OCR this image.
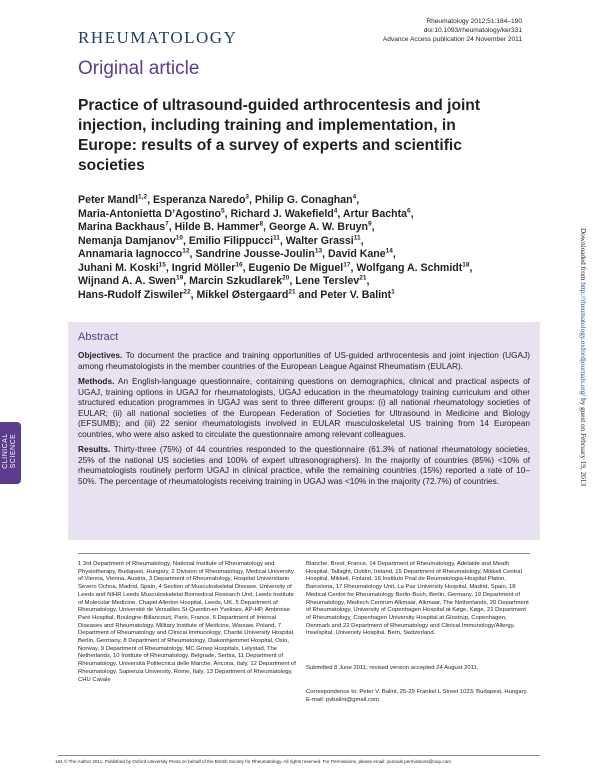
RHEUMATOLOGY
Rheumatology 2012;51:184–190
doi:10.1093/rheumatology/ker331
Advance Access publication 24 November 2011
Original article
Practice of ultrasound-guided arthrocentesis and joint injection, including training and implementation, in Europe: results of a survey of experts and scientific societies
Peter Mandl$^{1,2}$, Esperanza Naredo$^3$, Philip G. Conaghan$^4$,
Maria-Antonietta D’Agostino$^5$, Richard J. Wakefield$^4$, Artur Bachta$^6$,
Marina Backhaus$^7$, Hilde B. Hammer$^8$, George A. W. Bruyn$^9$,
Nemanja Damjanov$^{10}$, Emilio Filippucci$^{11}$, Walter Grassi$^{11}$,
Annamaria Iagnocco$^{12}$, Sandrine Jousse-Joulin$^{13}$, David Kane$^{14}$,
Juhani M. Koski$^{15}$, Ingrid Möller$^{16}$, Eugenio De Miguel$^{17}$, Wolfgang A. Schmidt$^{18}$,
Wijnand A. A. Swen$^{19}$, Marcin Szkudlarek$^{20}$, Lene Terslev$^{21}$,
Hans-Rudolf Ziswiler$^{22}$, Mikkel Østergaard$^{21}$ and Peter V. Balint$^1$
Abstract

Objectives. To document the practice and training opportunities of US-guided arthrocentesis and joint injection (UGAJ) among rheumatologists in the member countries of the European League Against Rheumatism (EULAR).

Methods. An English-language questionnaire, containing questions on demographics, clinical and practical aspects of UGAJ, training options in UGAJ for rheumatologists, UGAJ education in the rheumatology training curriculum and other structured education programmes in UGAJ was sent to three different groups: (i) all national rheumatology societies of EULAR; (ii) all national societies of the European Federation of Societies for Ultrasound in Medicine and Biology (EFSUMB); and (iii) 22 senior rheumatologists involved in EULAR musculoskeletal US training from 14 European countries, who were also asked to circulate the questionnaire among relevant colleagues.

Results. Thirty-three (75%) of 44 countries responded to the questionnaire (61.3% of national rheumatology societies, 25% of the national US societies and 100% of expert ultrasonographers). In the majority of countries (85%) <10% of rheumatologists routinely perform UGAJ in clinical practice, while the remaining countries (15%) reported a rate of 10–50%. The percentage of rheumatologists receiving training in UGAJ was <10% in the majority (72.7%) of countries.

CLINICAL SCIENCE
Downloaded from http://rheumatology.oxfordjournals.org/ by guest on February 19, 2013
1 3rd Department of Rheumatology, National Institute of Rheumatology and Physiotherapy, Budapest, Hungary, 2 Division of Rheumatology, Medical University of Vienna, Vienna, Austria, 3 Department of Rheumatology, Hospital Universitario Severo Ochoa, Madrid, Spain, 4 Section of Musculoskeletal Disease, University of Leeds and NIHR Leeds Musculoskeletal Biomedical Research Unit, Leeds Institute of Molecular Medicine, Chapel Allerton Hospital, Leeds, UK, 5 Department of Rheumatology, Université de Versailles St-Quentin-en Yvelines, AP-HP, Ambroise Paré Hospital, Boulogne-Billancourt, Paris, France, 6 Department of Internal Diseases and Rheumatology, Military Institute of Medicine, Warsaw, Poland, 7 Department of Rheumatology and Clinical Immunology, Charité University Hospital, Berlin, Germany, 8 Department of Rheumatology, Diakonhjemmet Hospital, Oslo, Norway, 9 Department of Rheumatology, MC Groep Hospitals, Lelystad, The Netherlands, 10 Institute of Rheumatology, Belgrade, Serbia, 11 Department of Rheumatology, Università Politecnica delle Marche, Ancona, Italy, 12 Department of Rheumatology, Sapienza University, Rome, Italy, 13 Department of Rheumatology, CHU Cavale
Blanche, Brest, France, 14 Department of Rheumatology, Adelaide and Meath Hospital, Tallaght, Dublin, Ireland, 15 Department of Rheumatology, Mikkeli Central Hospital, Mikkeli, Finland, 16 Instituto Poal de Reumatologia-Hospital Platon, Barcelona, 17 Rheumatology Unit, La Paz University Hospital, Madrid, Spain, 18 Medical Centre for Rheumatology Berlin-Buch, Berlin, Germany, 19 Department of Rheumatology, Medisch Centrum Alkmaar, Alkmaar, The Netherlands, 20 Department of Rheumatology, University of Copenhagen Hospital at Køge, Køge, 21 Department of Rheumatology, Copenhagen University Hospital at Glostrup, Copenhagen, Denmark and 22 Department of Rheumatology and Clinical Immunology/Allergy, Inselspital, University Hospital, Bern, Switzerland.
Submitted 8 June 2011; revised version accepted 24 August 2011.
Correspondence to: Peter V. Balint, 25-29 Frankel L Street 1023, Budapest, Hungary. E-mail: pvbalint@gmail.com
184 © The Author 2011. Published by Oxford University Press on behalf of the British Society for Rheumatology. All rights reserved. For Permissions, please email: journals.permissions@oup.com
